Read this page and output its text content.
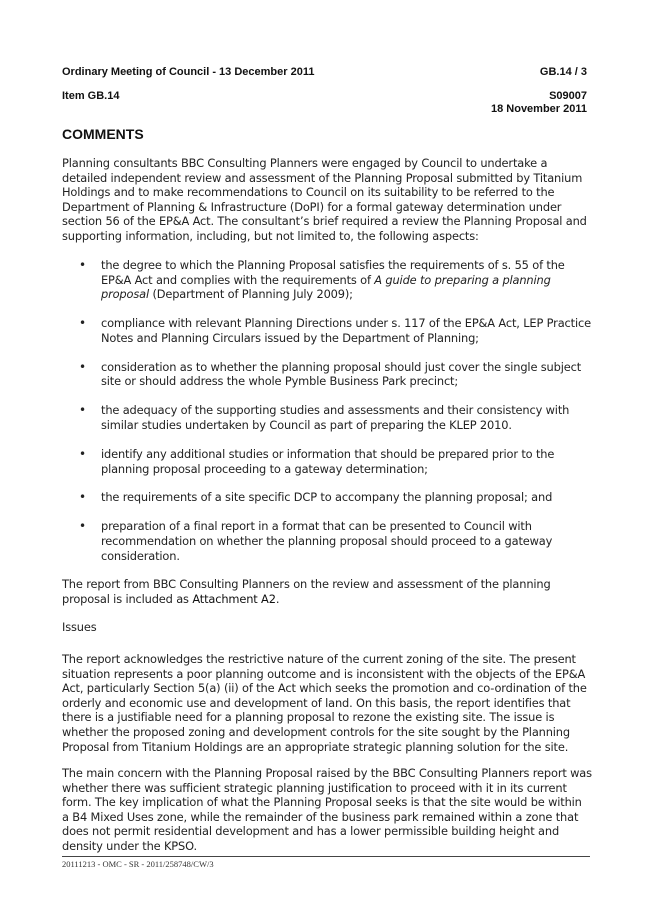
Ordinary Meeting of Council - 13 December 2011	GB.14 / 3
Item GB.14	S09007
18 November 2011
COMMENTS
Planning consultants BBC Consulting Planners were engaged by Council to undertake a detailed independent review and assessment of the Planning Proposal submitted by Titanium Holdings and to make recommendations to Council on its suitability to be referred to the Department of Planning & Infrastructure (DoPI) for a formal gateway determination under section 56 of the EP&A Act. The consultant’s brief required a review the Planning Proposal and supporting information, including, but not limited to, the following aspects:
• the degree to which the Planning Proposal satisfies the requirements of s. 55 of the EP&A Act and complies with the requirements of A guide to preparing a planning proposal (Department of Planning July 2009);
• compliance with relevant Planning Directions under s. 117 of the EP&A Act, LEP Practice Notes and Planning Circulars issued by the Department of Planning;
• consideration as to whether the planning proposal should just cover the single subject site or should address the whole Pymble Business Park precinct;
• the adequacy of the supporting studies and assessments and their consistency with similar studies undertaken by Council as part of preparing the KLEP 2010.
• identify any additional studies or information that should be prepared prior to the planning proposal proceeding to a gateway determination;
• the requirements of a site specific DCP to accompany the planning proposal; and
• preparation of a final report in a format that can be presented to Council with recommendation on whether the planning proposal should proceed to a gateway consideration.
The report from BBC Consulting Planners on the review and assessment of the planning proposal is included as Attachment A2.
Issues
The report acknowledges the restrictive nature of the current zoning of the site. The present situation represents a poor planning outcome and is inconsistent with the objects of the EP&A Act, particularly Section 5(a) (ii) of the Act which seeks the promotion and co-ordination of the orderly and economic use and development of land. On this basis, the report identifies that there is a justifiable need for a planning proposal to rezone the existing site. The issue is whether the proposed zoning and development controls for the site sought by the Planning Proposal from Titanium Holdings are an appropriate strategic planning solution for the site.
The main concern with the Planning Proposal raised by the BBC Consulting Planners report was whether there was sufficient strategic planning justification to proceed with it in its current form. The key implication of what the Planning Proposal seeks is that the site would be within a B4 Mixed Uses zone, while the remainder of the business park remained within a zone that does not permit residential development and has a lower permissible building height and density under the KPSO.
20111213 - OMC - SR - 2011/258748/CW/3
